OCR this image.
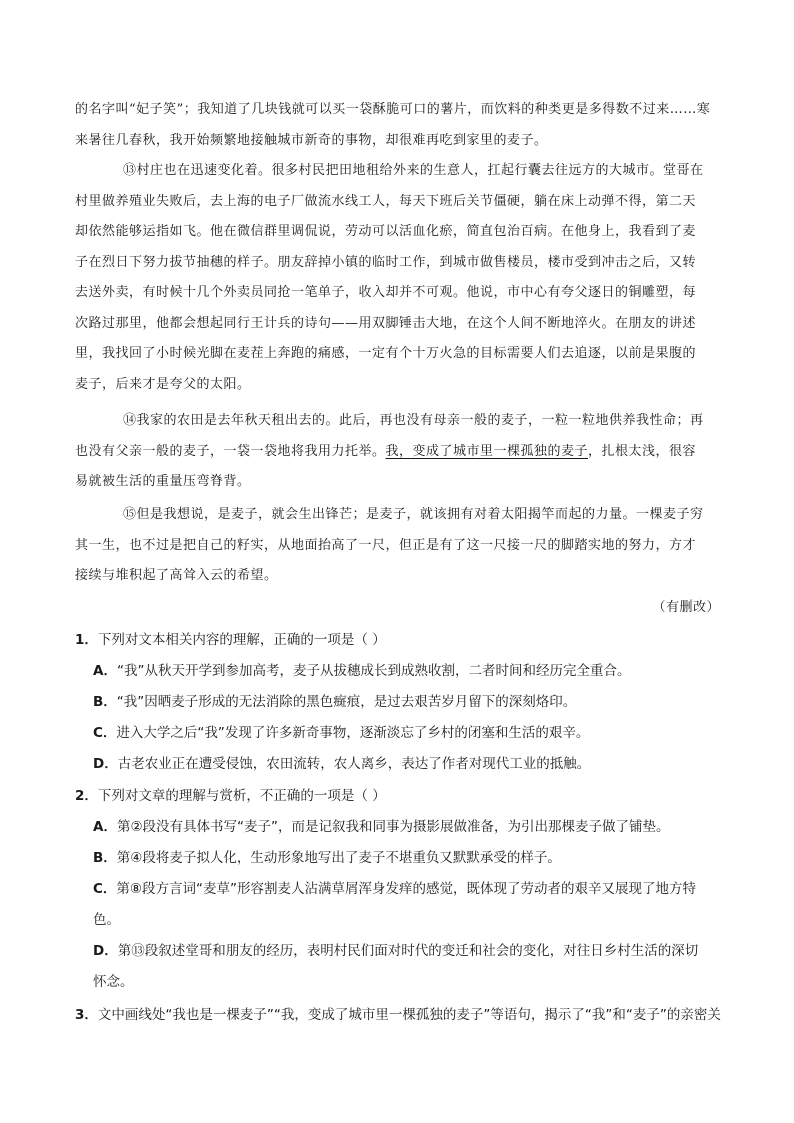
的名字叫“妃子笑”；我知道了几块钱就可以买一袋酥脆可口的薯片，而饮料的种类更是多得数不过来……寒
来暑往几春秋，我开始频繁地接触城市新奇的事物，却很难再吃到家里的麦子。
⑬村庄也在迅速变化着。很多村民把田地租给外来的生意人，扛起行囊去往远方的大城市。堂哥在
村里做养殖业失败后，去上海的电子厂做流水线工人，每天下班后关节僵硬，躺在床上动弹不得，第二天
却依然能够运指如飞。他在微信群里调侃说，劳动可以活血化瘀，简直包治百病。在他身上，我看到了麦
子在烈日下努力拔节抽穗的样子。朋友辞掉小镇的临时工作，到城市做售楼员，楼市受到冲击之后，又转
去送外卖，有时候十几个外卖员同抢一笔单子，收入却并不可观。他说，市中心有夸父逐日的铜雕塑，每
次路过那里，他都会想起同行王计兵的诗句——用双脚锤击大地，在这个人间不断地淬火。在朋友的讲述
里，我找回了小时候光脚在麦茬上奔跑的痛感，一定有个十万火急的目标需要人们去追逐，以前是果腹的
麦子，后来才是夸父的太阳。
⑭我家的农田是去年秋天租出去的。此后，再也没有母亲一般的麦子，一粒一粒地供养我性命；再
也没有父亲一般的麦子，一袋一袋地将我用力托举。我，变成了城市里一棵孤独的麦子，扎根太浅，很容
易就被生活的重量压弯脊背。
⑮但是我想说，是麦子，就会生出锋芒；是麦子，就该拥有对着太阳揭竿而起的力量。一棵麦子穷
其一生，也不过是把自己的籽实，从地面抬高了一尺，但正是有了这一尺接一尺的脚踏实地的努力，方才
接续与堆积起了高耸入云的希望。
（有删改）
1．下列对文本相关内容的理解，正确的一项是（ ）
A．“我”从秋天开学到参加高考，麦子从拔穗成长到成熟收割，二者时间和经历完全重合。
B．“我”因晒麦子形成的无法消除的黑色癍痕，是过去艰苦岁月留下的深刻烙印。
C．进入大学之后“我”发现了许多新奇事物，逐渐淡忘了乡村的闭塞和生活的艰辛。
D．古老农业正在遭受侵蚀，农田流转，农人离乡，表达了作者对现代工业的抵触。
2．下列对文章的理解与赏析，不正确的一项是（ ）
A．第②段没有具体书写“麦子”，而是记叙我和同事为摄影展做准备，为引出那棵麦子做了铺垫。
B．第④段将麦子拟人化，生动形象地写出了麦子不堪重负又默默承受的样子。
C．第⑧段方言词“麦草”形容割麦人沾满草屑浑身发痒的感觉，既体现了劳动者的艰辛又展现了地方特
色。
D．第⑬段叙述堂哥和朋友的经历，表明村民们面对时代的变迁和社会的变化，对往日乡村生活的深切
怀念。
3．文中画线处“我也是一棵麦子”“我，变成了城市里一棵孤独的麦子”等语句，揭示了“我”和“麦子”的亲密关
